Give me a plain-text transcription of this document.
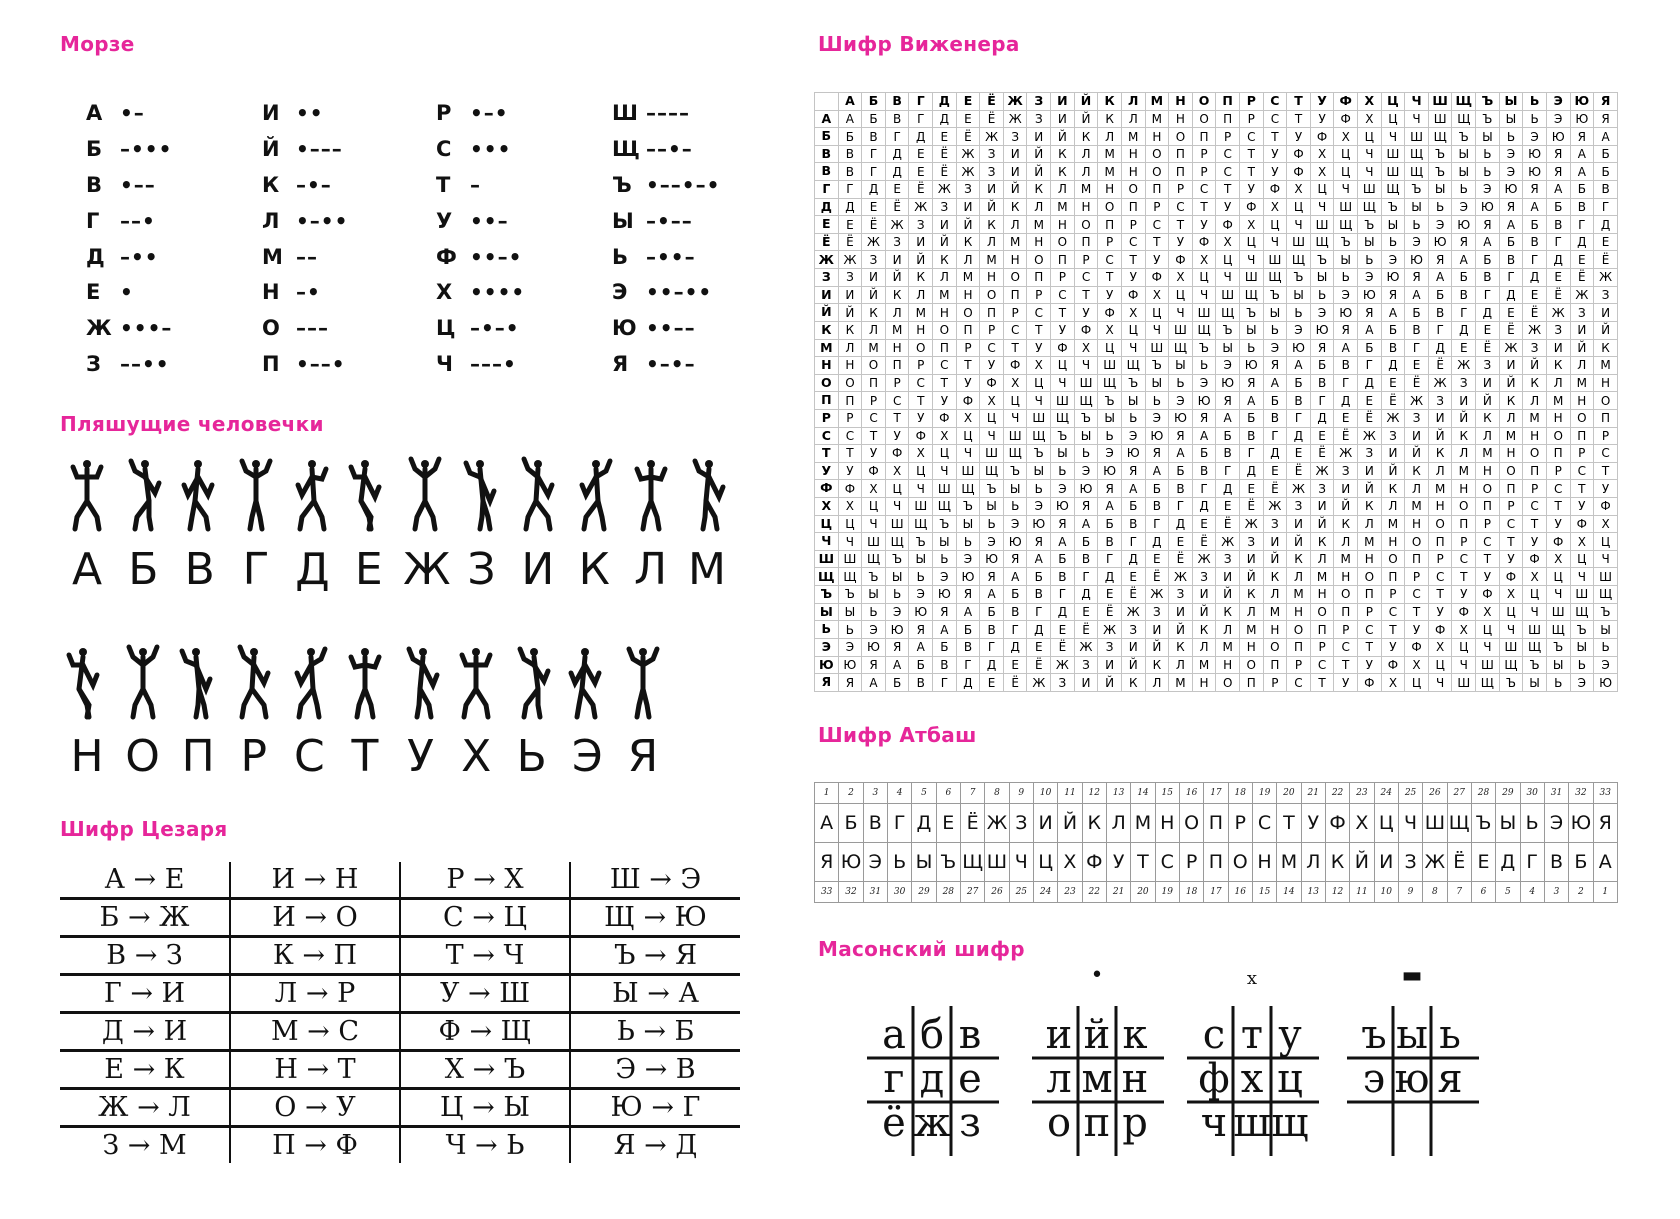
Морзе
А •–
Б –•••
В •––
Г	––•
Д –••
Е •
Ж •••–
З ––••
И ••
Й •–––
К –•–
Л •–••
М ––
Н –•
О –––
П •––•
Р •–•
С •••
Т –
У ••–
Ф ••–•
Х ••••
Ц –•–•
Ч –––•
Ш ––––
Щ ––•–
Ъ •––•–•
Ы –•––
Ь –••–
Э ••–••
Ю ••––
Я •–•–
Пляшущие человечки
А Б В Г Д Е Ж З И К Л М
Н О П Р С Т У Х Ь Э Я
Шифр Цезаря
А → Е	И → Н	Р → Х	Ш → Э
Б → Ж	И → О	С → Ц	Щ → Ю
В → З	К → П	Т → Ч	Ъ → Я
Г → И	Л → Р	У → Ш	Ы → А
Д → И	М → С	Ф → Щ	Ь → Б
Е → К	Н → Т	Х → Ъ	Э → В
Ж → Л	О → У	Ц → Ы	Ю → Г
З → М	П → Ф	Ч → Ь	Я → Д
Шифр Виженера
	А	Б	В	Г	Д	Е	Ё	Ж	З	И	Й	К	Л	М	Н	О	П	Р	С	Т	У	Ф	Х	Ц	Ч	Ш	Щ	Ъ	Ы	Ь	Э	Ю	Я
А	А	Б	В	Г	Д	Е	Ё	Ж	З	И	Й	К	Л	М	Н	О	П	Р	С	Т	У	Ф	Х	Ц	Ч	Ш	Щ	Ъ	Ы	Ь	Э	Ю	Я
Б	Б	В	Г	Д	Е	Ё	Ж	З	И	Й	К	Л	М	Н	О	П	Р	С	Т	У	Ф	Х	Ц	Ч	Ш	Щ	Ъ	Ы	Ь	Э	Ю	Я	А
В	В	Г	Д	Е	Ё	Ж	З	И	Й	К	Л	М	Н	О	П	Р	С	Т	У	Ф	Х	Ц	Ч	Ш	Щ	Ъ	Ы	Ь	Э	Ю	Я	А	Б
В	В	Г	Д	Е	Ё	Ж	З	И	Й	К	Л	М	Н	О	П	Р	С	Т	У	Ф	Х	Ц	Ч	Ш	Щ	Ъ	Ы	Ь	Э	Ю	Я	А	Б
Г	Г	Д	Е	Ё	Ж	З	И	Й	К	Л	М	Н	О	П	Р	С	Т	У	Ф	Х	Ц	Ч	Ш	Щ	Ъ	Ы	Ь	Э	Ю	Я	А	Б	В
Д	Д	Е	Ё	Ж	З	И	Й	К	Л	М	Н	О	П	Р	С	Т	У	Ф	Х	Ц	Ч	Ш	Щ	Ъ	Ы	Ь	Э	Ю	Я	А	Б	В	Г
Е	Е	Ё	Ж	З	И	Й	К	Л	М	Н	О	П	Р	С	Т	У	Ф	Х	Ц	Ч	Ш	Щ	Ъ	Ы	Ь	Э	Ю	Я	А	Б	В	Г	Д
Ё	Ё	Ж	З	И	Й	К	Л	М	Н	О	П	Р	С	Т	У	Ф	Х	Ц	Ч	Ш	Щ	Ъ	Ы	Ь	Э	Ю	Я	А	Б	В	Г	Д	Е
Ж	Ж	З	И	Й	К	Л	М	Н	О	П	Р	С	Т	У	Ф	Х	Ц	Ч	Ш	Щ	Ъ	Ы	Ь	Э	Ю	Я	А	Б	В	Г	Д	Е	Ё
З	З	И	Й	К	Л	М	Н	О	П	Р	С	Т	У	Ф	Х	Ц	Ч	Ш	Щ	Ъ	Ы	Ь	Э	Ю	Я	А	Б	В	Г	Д	Е	Ё	Ж
И	И	Й	К	Л	М	Н	О	П	Р	С	Т	У	Ф	Х	Ц	Ч	Ш	Щ	Ъ	Ы	Ь	Э	Ю	Я	А	Б	В	Г	Д	Е	Ё	Ж	З
Й	Й	К	Л	М	Н	О	П	Р	С	Т	У	Ф	Х	Ц	Ч	Ш	Щ	Ъ	Ы	Ь	Э	Ю	Я	А	Б	В	Г	Д	Е	Ё	Ж	З	И
К	К	Л	М	Н	О	П	Р	С	Т	У	Ф	Х	Ц	Ч	Ш	Щ	Ъ	Ы	Ь	Э	Ю	Я	А	Б	В	Г	Д	Е	Ё	Ж	З	И	Й
М	Л	М	Н	О	П	Р	С	Т	У	Ф	Х	Ц	Ч	Ш	Щ	Ъ	Ы	Ь	Э	Ю	Я	А	Б	В	Г	Д	Е	Ё	Ж	З	И	Й	К
Н	Н	О	П	Р	С	Т	У	Ф	Х	Ц	Ч	Ш	Щ	Ъ	Ы	Ь	Э	Ю	Я	А	Б	В	Г	Д	Е	Ё	Ж	З	И	Й	К	Л	М
О	О	П	Р	С	Т	У	Ф	Х	Ц	Ч	Ш	Щ	Ъ	Ы	Ь	Э	Ю	Я	А	Б	В	Г	Д	Е	Ё	Ж	З	И	Й	К	Л	М	Н
П	П	Р	С	Т	У	Ф	Х	Ц	Ч	Ш	Щ	Ъ	Ы	Ь	Э	Ю	Я	А	Б	В	Г	Д	Е	Ё	Ж	З	И	Й	К	Л	М	Н	О
Р	Р	С	Т	У	Ф	Х	Ц	Ч	Ш	Щ	Ъ	Ы	Ь	Э	Ю	Я	А	Б	В	Г	Д	Е	Ё	Ж	З	И	Й	К	Л	М	Н	О	П
С	С	Т	У	Ф	Х	Ц	Ч	Ш	Щ	Ъ	Ы	Ь	Э	Ю	Я	А	Б	В	Г	Д	Е	Ё	Ж	З	И	Й	К	Л	М	Н	О	П	Р
Т	Т	У	Ф	Х	Ц	Ч	Ш	Щ	Ъ	Ы	Ь	Э	Ю	Я	А	Б	В	Г	Д	Е	Ё	Ж	З	И	Й	К	Л	М	Н	О	П	Р	С
У	У	Ф	Х	Ц	Ч	Ш	Щ	Ъ	Ы	Ь	Э	Ю	Я	А	Б	В	Г	Д	Е	Ё	Ж	З	И	Й	К	Л	М	Н	О	П	Р	С	Т
Ф	Ф	Х	Ц	Ч	Ш	Щ	Ъ	Ы	Ь	Э	Ю	Я	А	Б	В	Г	Д	Е	Ё	Ж	З	И	Й	К	Л	М	Н	О	П	Р	С	Т	У
Х	Х	Ц	Ч	Ш	Щ	Ъ	Ы	Ь	Э	Ю	Я	А	Б	В	Г	Д	Е	Ё	Ж	З	И	Й	К	Л	М	Н	О	П	Р	С	Т	У	Ф
Ц	Ц	Ч	Ш	Щ	Ъ	Ы	Ь	Э	Ю	Я	А	Б	В	Г	Д	Е	Ё	Ж	З	И	Й	К	Л	М	Н	О	П	Р	С	Т	У	Ф	Х
Ч	Ч	Ш	Щ	Ъ	Ы	Ь	Э	Ю	Я	А	Б	В	Г	Д	Е	Ё	Ж	З	И	Й	К	Л	М	Н	О	П	Р	С	Т	У	Ф	Х	Ц
Ш	Ш	Щ	Ъ	Ы	Ь	Э	Ю	Я	А	Б	В	Г	Д	Е	Ё	Ж	З	И	Й	К	Л	М	Н	О	П	Р	С	Т	У	Ф	Х	Ц	Ч
Щ	Щ	Ъ	Ы	Ь	Э	Ю	Я	А	Б	В	Г	Д	Е	Ё	Ж	З	И	Й	К	Л	М	Н	О	П	Р	С	Т	У	Ф	Х	Ц	Ч	Ш
Ъ	Ъ	Ы	Ь	Э	Ю	Я	А	Б	В	Г	Д	Е	Ё	Ж	З	И	Й	К	Л	М	Н	О	П	Р	С	Т	У	Ф	Х	Ц	Ч	Ш	Щ
Ы	Ы	Ь	Э	Ю	Я	А	Б	В	Г	Д	Е	Ё	Ж	З	И	Й	К	Л	М	Н	О	П	Р	С	Т	У	Ф	Х	Ц	Ч	Ш	Щ	Ъ
Ь	Ь	Э	Ю	Я	А	Б	В	Г	Д	Е	Ё	Ж	З	И	Й	К	Л	М	Н	О	П	Р	С	Т	У	Ф	Х	Ц	Ч	Ш	Щ	Ъ	Ы
Э	Э	Ю	Я	А	Б	В	Г	Д	Е	Ё	Ж	З	И	Й	К	Л	М	Н	О	П	Р	С	Т	У	Ф	Х	Ц	Ч	Ш	Щ	Ъ	Ы	Ь
Ю	Ю	Я	А	Б	В	Г	Д	Е	Ё	Ж	З	И	Й	К	Л	М	Н	О	П	Р	С	Т	У	Ф	Х	Ц	Ч	Ш	Щ	Ъ	Ы	Ь	Э
Я	Я	А	Б	В	Г	Д	Е	Ё	Ж	З	И	Й	К	Л	М	Н	О	П	Р	С	Т	У	Ф	Х	Ц	Ч	Ш	Щ	Ъ	Ы	Ь	Э	Ю
Шифр Атбаш
1	2	3	4	5	6	7	8	9	10	11	12	13	14	15	16	17	18	19	20	21	22	23	24	25	26	27	28	29	30	31	32	33
А	Б	В	Г	Д	Е	Ё	Ж	З	И	Й	К	Л	М	Н	О	П	Р	С	Т	У	Ф	Х	Ц	Ч	Ш	Щ	Ъ	Ы	Ь	Э	Ю	Я
Я	Ю	Э	Ь	Ы	Ъ	Щ	Ш	Ч	Ц	Х	Ф	У	Т	С	Р	П	О	Н	М	Л	К	Й	И	З	Ж	Ё	Е	Д	Г	В	Б	А
33	32	31	30	29	28	27	26	25	24	23	22	21	20	19	18	17	16	15	14	13	12	11	10	9	8	7	6	5	4	3	2	1
Масонский шифр
а б в
г д е
ё ж з
и й к
л м н
о п р
•
с т у
ф х ц
ч ш щ
x
ъ ы ь
э ю я
▬
